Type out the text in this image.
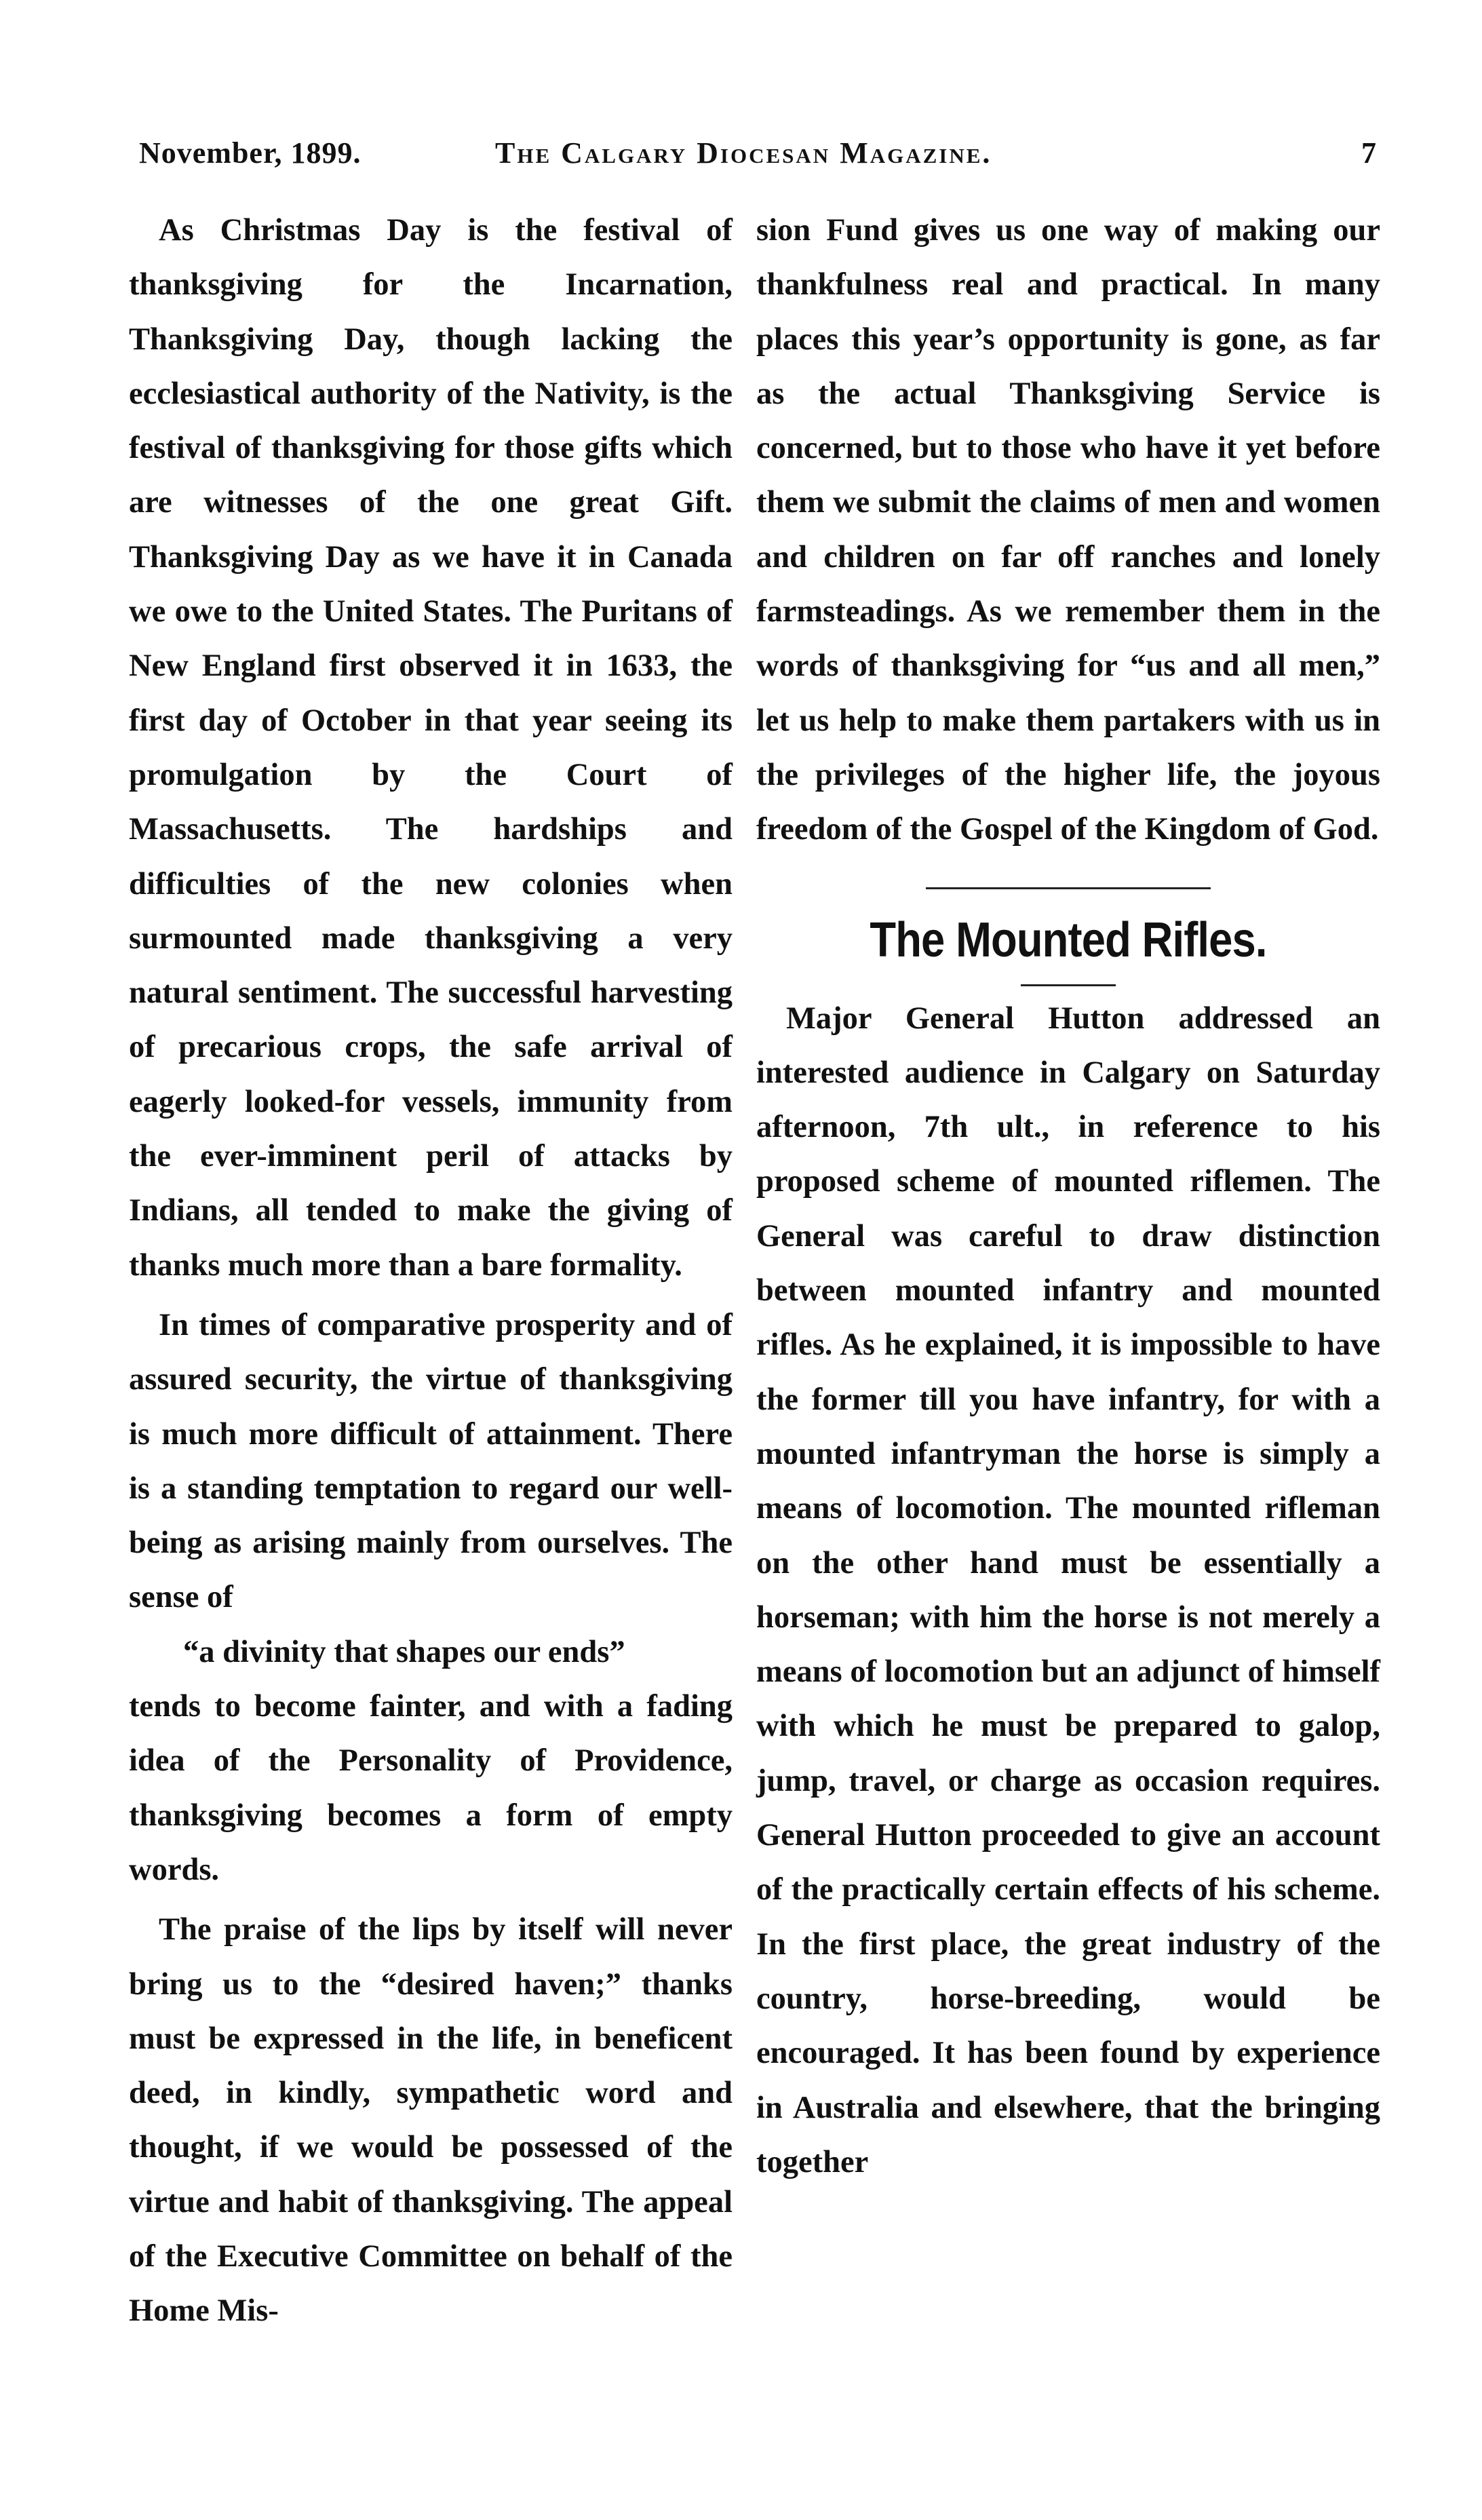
November, 1899.	The Calgary Diocesan Magazine.	7

As Christmas Day is the festival of thanksgiving for the Incarnation, Thanksgiving Day, though lacking the ecclesiastical authority of the Nativity, is the festival of thanksgiving for those gifts which are witnesses of the one great Gift. Thanksgiving Day as we have it in Canada we owe to the United States. The Puritans of New England first observed it in 1633, the first day of October in that year seeing its promulgation by the Court of Massachusetts. The hardships and difficulties of the new colonies when surmounted made thanksgiving a very natural sentiment. The successful harvesting of precarious crops, the safe arrival of eagerly looked-for vessels, immunity from the ever-imminent peril of attacks by Indians, all tended to make the giving of thanks much more than a bare formality.

In times of comparative prosperity and of assured security, the virtue of thanksgiving is much more difficult of attainment. There is a standing temptation to regard our well-being as arising mainly from ourselves. The sense of

“a divinity that shapes our ends”

tends to become fainter, and with a fading idea of the Personality of Providence, thanksgiving becomes a form of empty words.

The praise of the lips by itself will never bring us to the “desired haven;” thanks must be expressed in the life, in beneficent deed, in kindly, sympathetic word and thought, if we would be possessed of the virtue and habit of thanksgiving. The appeal of the Executive Committee on behalf of the Home Mis-

sion Fund gives us one way of making our thankfulness real and practical. In many places this year’s opportunity is gone, as far as the actual Thanksgiving Service is concerned, but to those who have it yet before them we submit the claims of men and women and children on far off ranches and lonely farmsteadings. As we remember them in the words of thanksgiving for “us and all men,” let us help to make them partakers with us in the privileges of the higher life, the joyous freedom of the Gospel of the Kingdom of God.

The Mounted Rifles.

Major General Hutton addressed an interested audience in Calgary on Saturday afternoon, 7th ult., in reference to his proposed scheme of mounted riflemen. The General was careful to draw distinction between mounted infantry and mounted rifles. As he explained, it is impossible to have the former till you have infantry, for with a mounted infantryman the horse is simply a means of locomotion. The mounted rifleman on the other hand must be essentially a horseman; with him the horse is not merely a means of locomotion but an adjunct of himself with which he must be prepared to galop, jump, travel, or charge as occasion requires. General Hutton proceeded to give an account of the practically certain effects of his scheme. In the first place, the great industry of the country, horse-breeding, would be encouraged. It has been found by experience in Australia and elsewhere, that the bringing together
